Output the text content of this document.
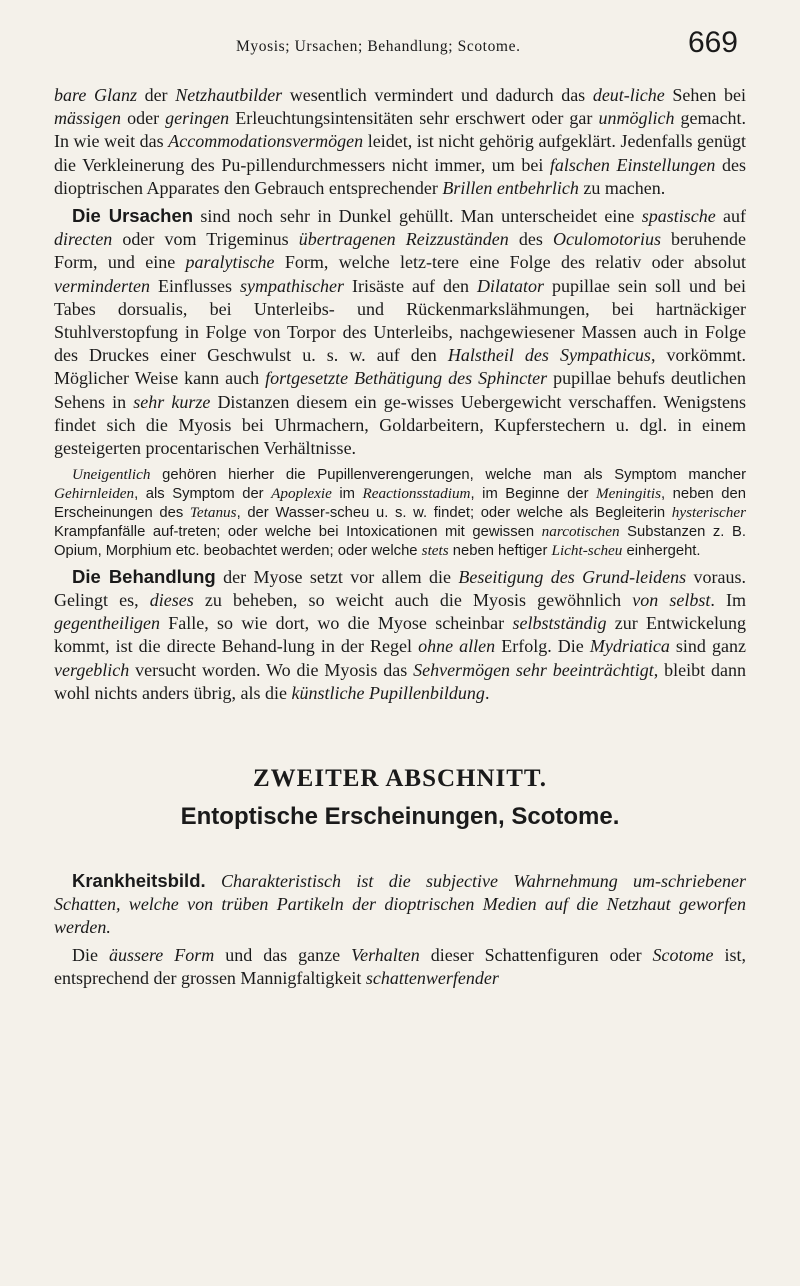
Myosis; Ursachen; Behandlung; Scotome.	669

bare Glanz der Netzhautbilder wesentlich vermindert und dadurch das deut-liche Sehen bei mässigen oder geringen Erleuchtungsintensitäten sehr erschwert oder gar unmöglich gemacht. In wie weit das Accommodationsvermögen leidet, ist nicht gehörig aufgeklärt. Jedenfalls genügt die Verkleinerung des Pu-pillendurchmessers nicht immer, um bei falschen Einstellungen des dioptrischen Apparates den Gebrauch entsprechender Brillen entbehrlich zu machen.

Die Ursachen sind noch sehr in Dunkel gehüllt. Man unterscheidet eine spastische auf directen oder vom Trigeminus übertragenen Reizzuständen des Oculomotorius beruhende Form, und eine paralytische Form, welche letz-tere eine Folge des relativ oder absolut verminderten Einflusses sympathischer Irisäste auf den Dilatator pupillae sein soll und bei Tabes dorsualis, bei Unterleibs- und Rückenmarkslähmungen, bei hartnäckiger Stuhlverstopfung in Folge von Torpor des Unterleibs, nachgewiesener Massen auch in Folge des Druckes einer Geschwulst u. s. w. auf den Halstheil des Sympathicus, vorkömmt. Möglicher Weise kann auch fortgesetzte Bethätigung des Sphincter pupillae behufs deutlichen Sehens in sehr kurze Distanzen diesem ein ge-wisses Uebergewicht verschaffen. Wenigstens findet sich die Myosis bei Uhrmachern, Goldarbeitern, Kupferstechern u. dgl. in einem gesteigerten procentarischen Verhältnisse.

Uneigentlich gehören hierher die Pupillenverengerungen, welche man als Symptom mancher Gehirnleiden, als Symptom der Apoplexie im Reactionsstadium, im Beginne der Meningitis, neben den Erscheinungen des Tetanus, der Wasser-scheu u. s. w. findet; oder welche als Begleiterin hysterischer Krampfanfälle auf-treten; oder welche bei Intoxicationen mit gewissen narcotischen Substanzen z. B. Opium, Morphium etc. beobachtet werden; oder welche stets neben heftiger Licht-scheu einhergeht.

Die Behandlung der Myose setzt vor allem die Beseitigung des Grund-leidens voraus. Gelingt es, dieses zu beheben, so weicht auch die Myosis gewöhnlich von selbst. Im gegentheiligen Falle, so wie dort, wo die Myose scheinbar selbstständig zur Entwickelung kommt, ist die directe Behand-lung in der Regel ohne allen Erfolg. Die Mydriatica sind ganz vergeblich versucht worden. Wo die Myosis das Sehvermögen sehr beeinträchtigt, bleibt dann wohl nichts anders übrig, als die künstliche Pupillenbildung.

ZWEITER ABSCHNITT.
Entoptische Erscheinungen, Scotome.

Krankheitsbild. Charakteristisch ist die subjective Wahrnehmung um-schriebener Schatten, welche von trüben Partikeln der dioptrischen Medien auf die Netzhaut geworfen werden.

Die äussere Form und das ganze Verhalten dieser Schattenfiguren oder Scotome ist, entsprechend der grossen Mannigfaltigkeit schattenwerfender
